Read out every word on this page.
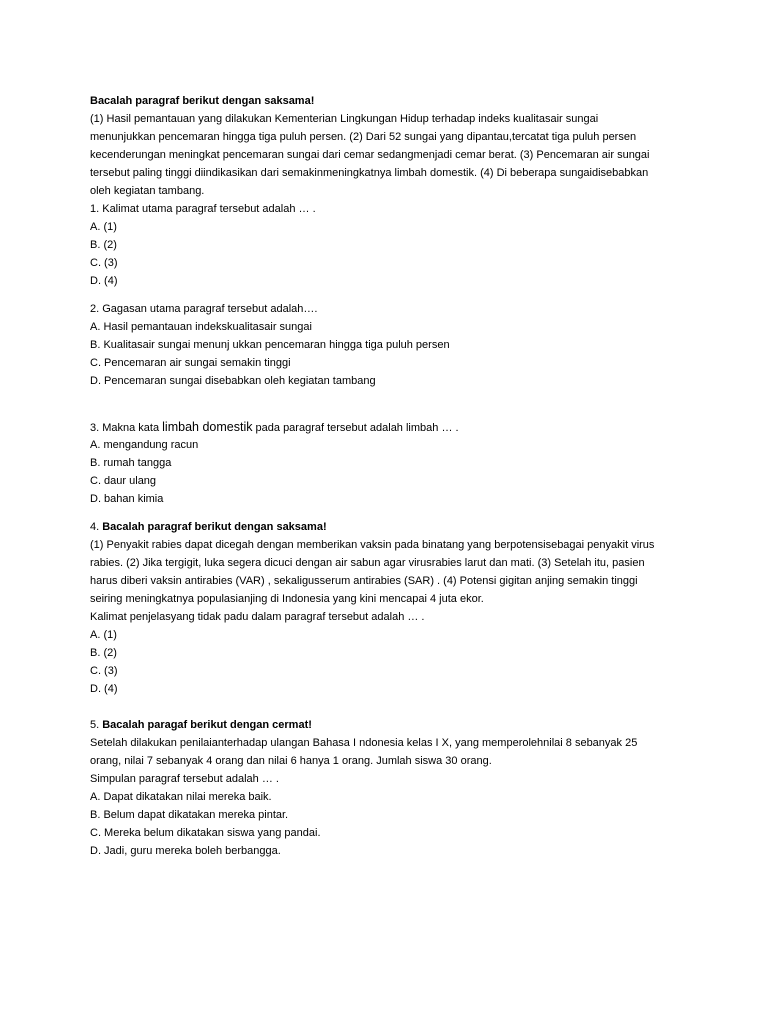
Bacalah paragraf berikut dengan saksama!
(1) Hasil pemantauan yang dilakukan Kementerian Lingkungan Hidup terhadap indeks kualitasair sungai
menunjukkan pencemaran hingga tiga puluh persen. (2) Dari 52 sungai yang dipantau,tercatat tiga puluh persen
kecenderungan meningkat pencemaran sungai dari cemar sedangmenjadi cemar berat. (3) Pencemaran air sungai
tersebut paling tinggi diindikasikan dari semakinmeningkatnya limbah domestik. (4) Di beberapa sungaidisebabkan
oleh kegiatan tambang.
1. Kalimat utama paragraf tersebut adalah … .
A. (1)
B. (2)
C. (3)
D. (4)
2. Gagasan utama paragraf tersebut adalah….
A. Hasil pemantauan indekskualitasair sungai
B. Kualitasair sungai menunj ukkan pencemaran hingga tiga puluh persen
C. Pencemaran air sungai semakin tinggi
D. Pencemaran sungai disebabkan oleh kegiatan tambang
3. Makna kata limbah domestik pada paragraf tersebut adalah limbah … .
A. mengandung racun
B. rumah tangga
C. daur ulang
D. bahan kimia
4. Bacalah paragraf berikut dengan saksama!
(1) Penyakit rabies dapat dicegah dengan memberikan vaksin pada binatang yang berpotensisebagai penyakit virus
rabies. (2) Jika tergigit, luka segera dicuci dengan air sabun agar virusrabies larut dan mati. (3) Setelah itu, pasien
harus diberi vaksin antirabies (VAR) , sekaligusserum antirabies (SAR) . (4) Potensi gigitan anjing semakin tinggi
seiring meningkatnya populasianjing di Indonesia yang kini mencapai 4 juta ekor.
Kalimat penjelasyang tidak padu dalam paragraf tersebut adalah … .
A. (1)
B. (2)
C. (3)
D. (4)
5. Bacalah paragaf berikut dengan cermat!
Setelah dilakukan penilaianterhadap ulangan Bahasa I ndonesia kelas I X, yang memperolehnilai 8 sebanyak 25
orang, nilai 7 sebanyak 4 orang dan nilai 6 hanya 1 orang. Jumlah siswa 30 orang.
Simpulan paragraf tersebut adalah … .
A. Dapat dikatakan nilai mereka baik.
B. Belum dapat dikatakan mereka pintar.
C. Mereka belum dikatakan siswa yang pandai.
D. Jadi, guru mereka boleh berbangga.
